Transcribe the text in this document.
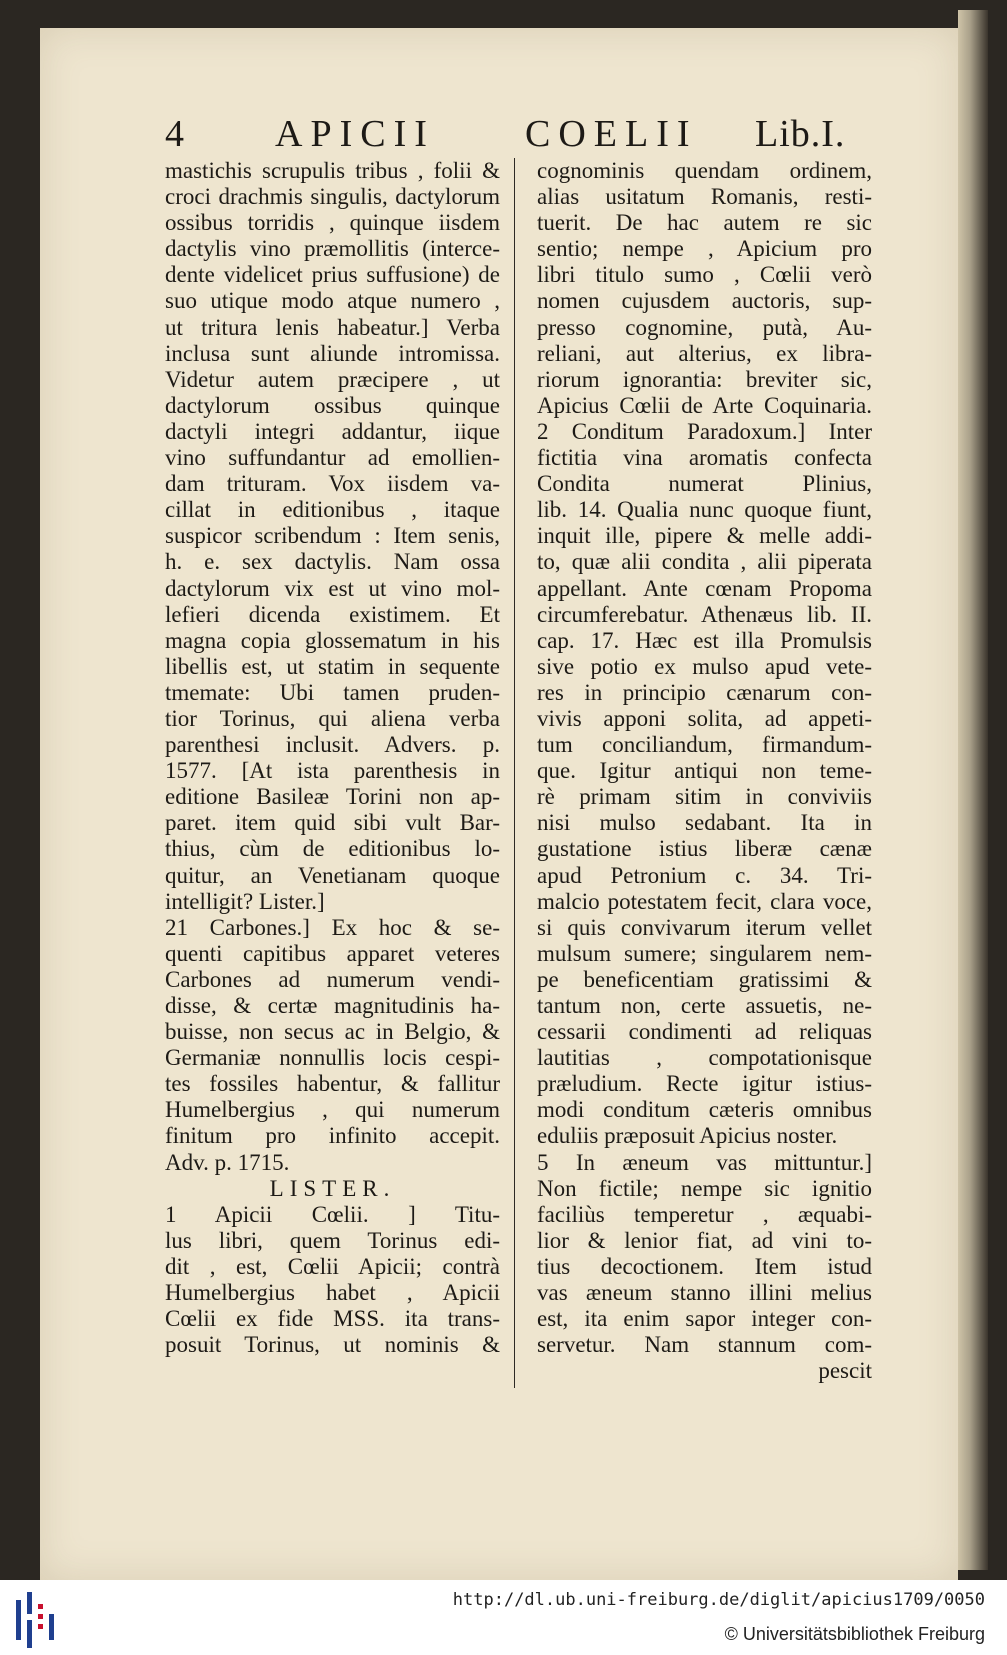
4 APICII COELII Lib.I.
mastichis scrupulis tribus , folii &
croci drachmis singulis, dactylorum
ossibus torridis , quinque iisdem
dactylis vino præmollitis (interce-
dente videlicet prius suffusione) de
suo utique modo atque numero ,
ut tritura lenis habeatur.] Verba
inclusa sunt aliunde intromissa.
Videtur autem præcipere , ut
dactylorum ossibus quinque
dactyli integri addantur, iique
vino suffundantur ad emollien-
dam trituram. Vox iisdem va-
cillat in editionibus , itaque
suspicor scribendum : Item senis,
h. e. sex dactylis. Nam ossa
dactylorum vix est ut vino mol-
lefieri dicenda existimem. Et
magna copia glossematum in his
libellis est, ut statim in sequente
tmemate: Ubi tamen pruden-
tior Torinus, qui aliena verba
parenthesi inclusit. Advers. p.
1577. [At ista parenthesis in
editione Basileæ Torini non ap-
paret. item quid sibi vult Bar-
thius, cùm de editionibus lo-
quitur, an Venetianam quoque
intelligit? Lister.]
21 Carbones.] Ex hoc & se-
quenti capitibus apparet veteres
Carbones ad numerum vendi-
disse, & certæ magnitudinis ha-
buisse, non secus ac in Belgio, &
Germaniæ nonnullis locis cespi-
tes fossiles habentur, & fallitur
Humelbergius , qui numerum
finitum pro infinito accepit.
Adv. p. 1715.
LISTER.
1 Apicii Cœlii. ] Titu-
lus libri, quem Torinus edi-
dit , est, Cœlii Apicii; contrà
Humelbergius habet , Apicii
Cœlii ex fide MSS. ita trans-
posuit Torinus, ut nominis &
cognominis quendam ordinem,
alias usitatum Romanis, resti-
tuerit. De hac autem re sic
sentio; nempe , Apicium pro
libri titulo sumo , Cœlii verò
nomen cujusdem auctoris, sup-
presso cognomine, putà, Au-
reliani, aut alterius, ex libra-
riorum ignorantia: breviter sic,
Apicius Cœlii de Arte Coquinaria.
2 Conditum Paradoxum.] Inter
fictitia vina aromatis confecta
Condita numerat Plinius,
lib. 14. Qualia nunc quoque fiunt,
inquit ille, pipere & melle addi-
to, quæ alii condita , alii piperata
appellant. Ante cœnam Propoma
circumferebatur. Athenæus lib. II.
cap. 17. Hæc est illa Promulsis
sive potio ex mulso apud vete-
res in principio cænarum con-
vivis apponi solita, ad appeti-
tum conciliandum, firmandum-
que. Igitur antiqui non teme-
rè primam sitim in conviviis
nisi mulso sedabant. Ita in
gustatione istius liberæ cænæ
apud Petronium c. 34. Tri-
malcio potestatem fecit, clara voce,
si quis convivarum iterum vellet
mulsum sumere; singularem nem-
pe beneficentiam gratissimi &
tantum non, certe assuetis, ne-
cessarii condimenti ad reliquas
lautitias , compotationisque
præludium. Recte igitur istius-
modi conditum cæteris omnibus
eduliis præposuit Apicius noster.
5 In æneum vas mittuntur.]
Non fictile; nempe sic ignitio
faciliùs temperetur , æquabi-
lior & lenior fiat, ad vini to-
tius decoctionem. Item istud
vas æneum stanno illini melius
est, ita enim sapor integer con-
servetur. Nam stannum com-
pescit
http://dl.ub.uni-freiburg.de/diglit/apicius1709/0050
© Universitätsbibliothek Freiburg
